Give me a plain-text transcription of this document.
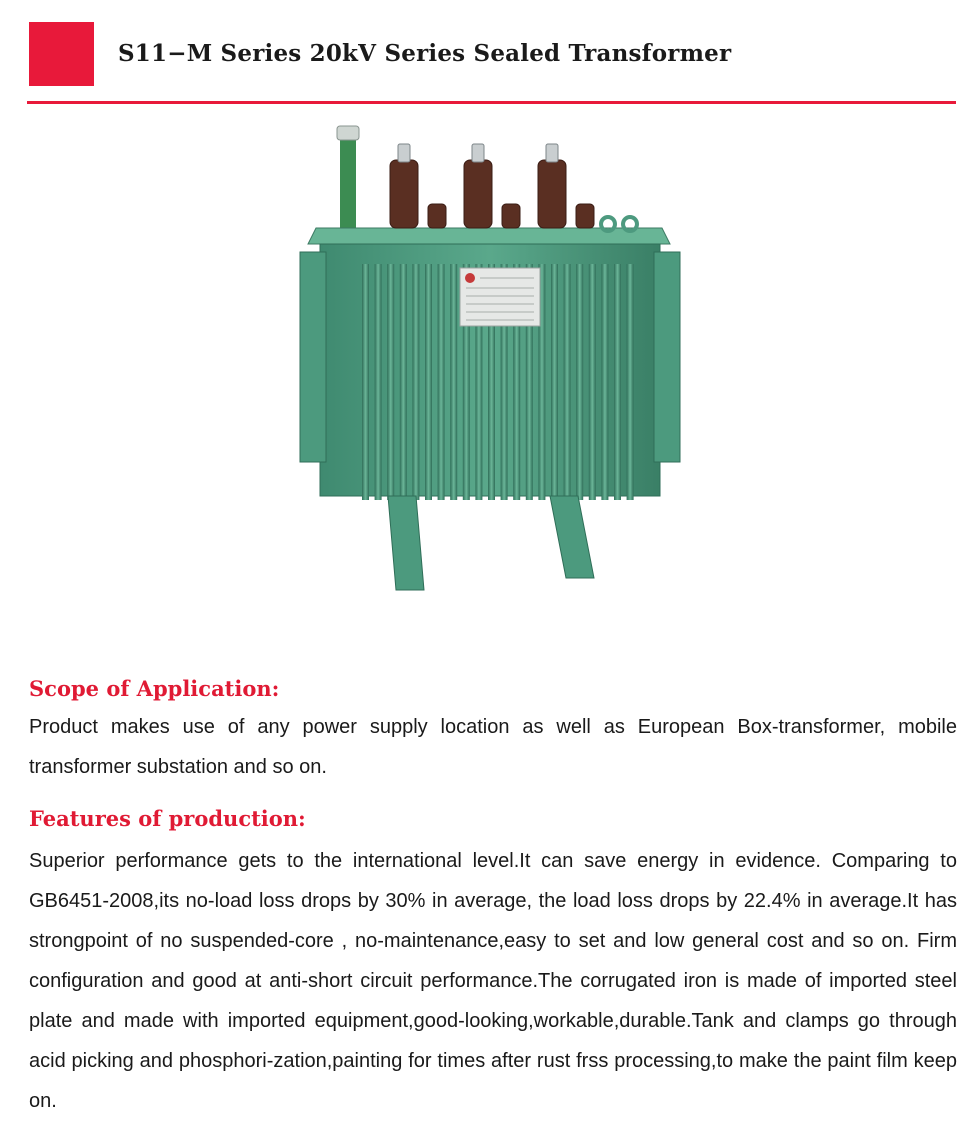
S11−M Series 20kV Series Sealed Transformer
Scope of Application:
Product makes use of any power supply location as well as European Box-transformer, mobile transformer substation and so on.
Features of production:
Superior performance gets to the international level.It can save energy in evidence. Comparing to GB6451-2008,its no-load loss drops by 30% in average, the load loss drops by 22.4% in average.It has strongpoint of no suspended-core , no-maintenance,easy to set and low general cost and so on. Firm configuration and good at anti-short circuit performance.The corrugated iron is made of imported steel plate and made with imported equipment,good-looking,workable,durable.Tank and clamps go through acid picking and phosphori-zation,painting for times after rust frss processing,to make the paint film keep on.
